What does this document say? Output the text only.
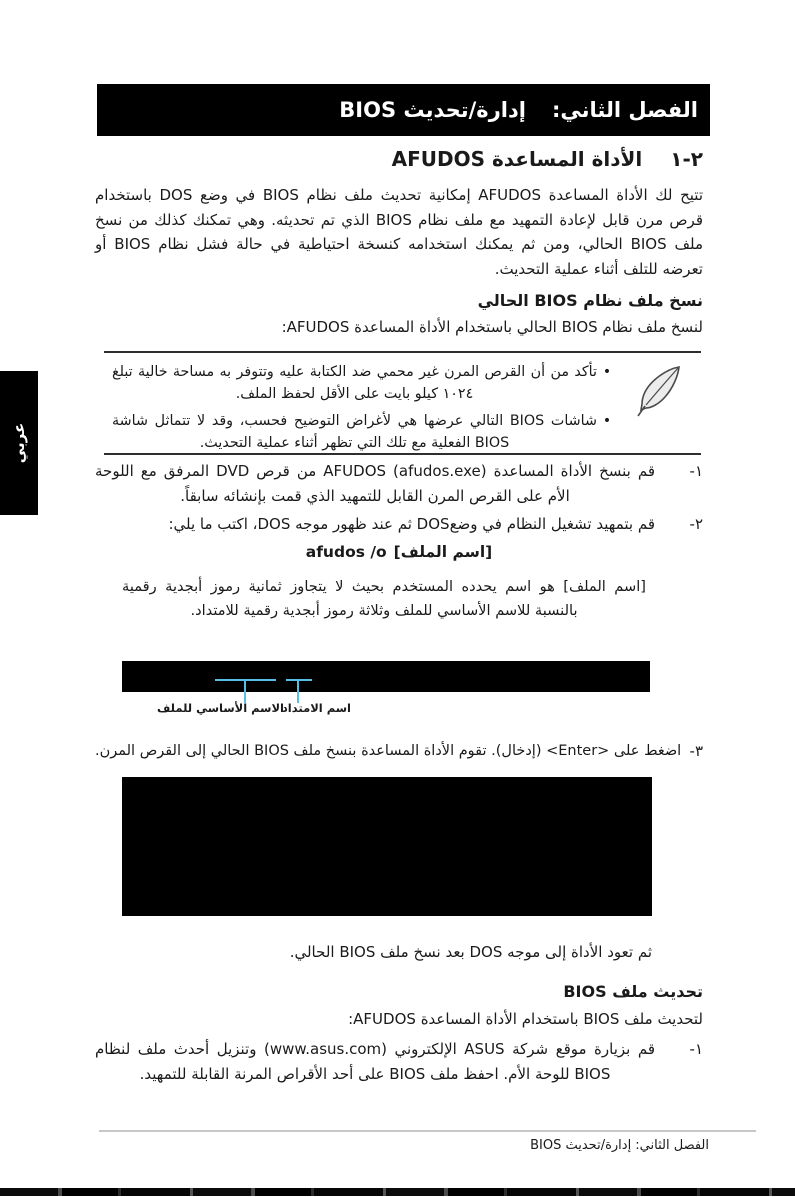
الفصل الثاني:إدارة/تحديث BIOS
عربي
٢-١
الأداة المساعدة AFUDOS

تتيح لك الأداة المساعدة AFUDOS إمكانية تحديث ملف نظام BIOS في وضع DOS باستخدام قرص مرن قابل لإعادة التمهيد مع ملف نظام BIOS الذي تم تحديثه. وهي تمكنك كذلك من نسخ ملف BIOS الحالي، ومن ثم يمكنك استخدامه كنسخة احتياطية في حالة فشل نظام BIOS أو تعرضه للتلف أثناء عملية التحديث.

نسخ ملف نظام BIOS الحالي

لنسخ ملف نظام BIOS الحالي باستخدام الأداة المساعدة AFUDOS:

•
تأكد من أن القرص المرن غير محمي ضد الكتابة عليه وتتوفر به مساحة خالية تبلغ ١٠٢٤ كيلو بايت على الأقل لحفظ الملف.
•
شاشات BIOS التالي عرضها هي لأغراض التوضيح فحسب، وقد لا تتماثل شاشة BIOS الفعلية مع تلك التي تظهر أثناء عملية التحديث.
١-
قم بنسخ الأداة المساعدة AFUDOS (afudos.exe) من قرص DVD المرفق مع اللوحة الأم على القرص المرن القابل للتمهيد الذي قمت بإنشائه سابقاً.
٢-
قم بتمهيد تشغيل النظام في وضعDOS ثم عند ظهور موجه DOS، اكتب ما يلي:
afudos /o [اسم الملف]

[اسم الملف] هو اسم يحدده المستخدم بحيث لا يتجاوز ثمانية رموز أبجدية رقمية بالنسبة للاسم الأساسي للملف وثلاثة رموز أبجدية رقمية للامتداد.

الاسم الأساسي للملف
اسم الامتداد
٣-
اضغط على <Enter> (إدخال). تقوم الأداة المساعدة بنسخ ملف BIOS الحالي إلى القرص المرن.

ثم تعود الأداة إلى موجه DOS بعد نسخ ملف BIOS الحالي.

تحديث ملف BIOS

لتحديث ملف BIOS باستخدام الأداة المساعدة AFUDOS:

١-
قم بزيارة موقع شركة ASUS الإلكتروني (www.asus.com) وتنزيل أحدث ملف لنظام BIOS للوحة الأم. احفظ ملف BIOS على أحد الأقراص المرنة القابلة للتمهيد.
الفصل الثاني: إدارة/تحديث BIOS
